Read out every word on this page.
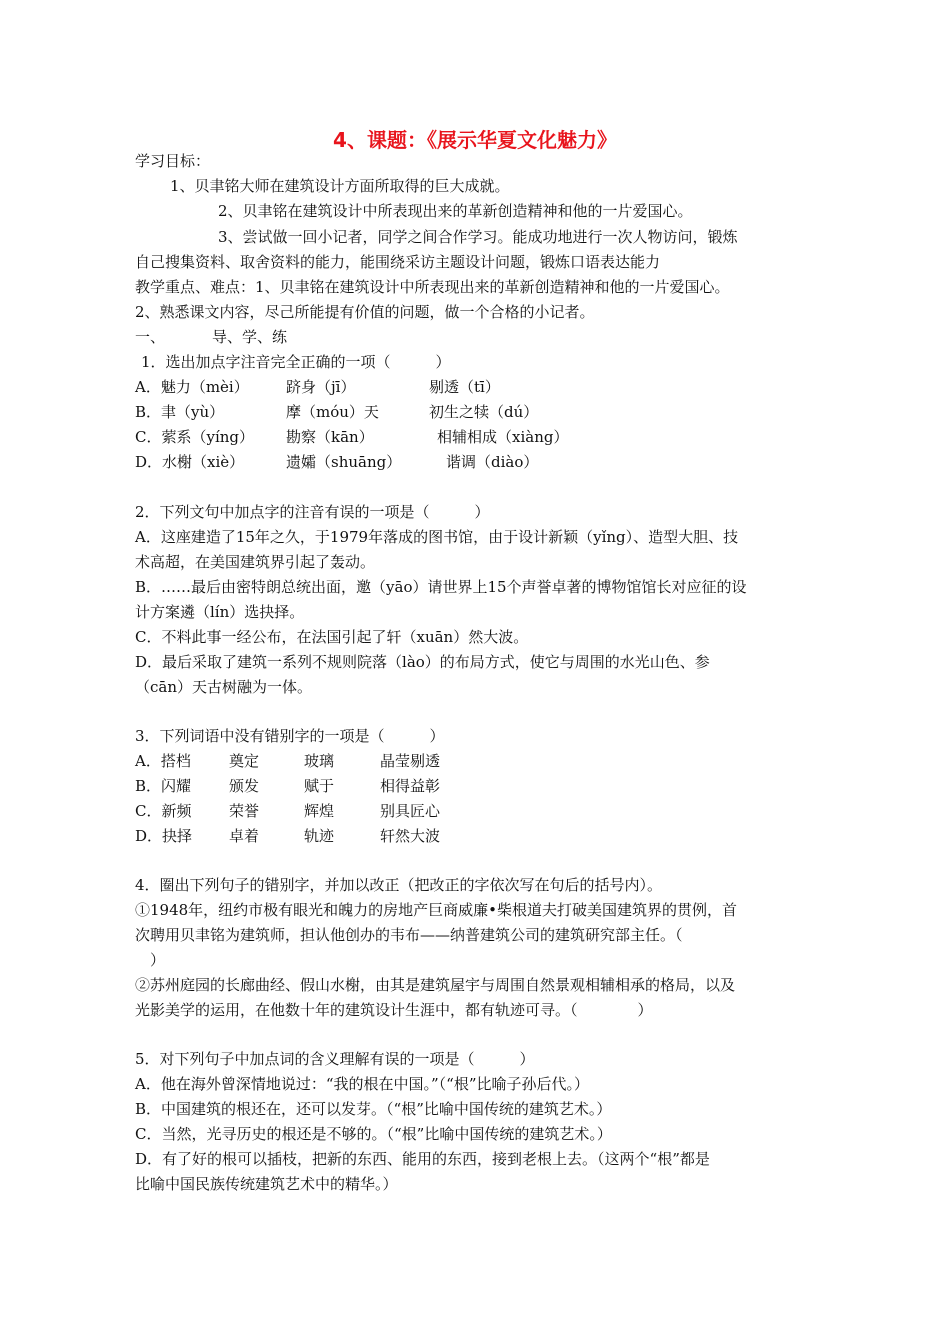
4、课题：《展示华夏文化魅力》
学习目标：
1、贝聿铭大师在建筑设计方面所取得的巨大成就。
2、贝聿铭在建筑设计中所表现出来的革新创造精神和他的一片爱国心。
3、尝试做一回小记者，同学之间合作学习。能成功地进行一次人物访问，锻炼
自己搜集资料、取舍资料的能力，能围绕采访主题设计问题，锻炼口语表达能力
教学重点、难点：1、贝聿铭在建筑设计中所表现出来的革新创造精神和他的一片爱国心。
2、熟悉课文内容，尽己所能提有价值的问题，做一个合格的小记者。
一、	导、学、练
1．选出加点字注音完全正确的一项（　　　）
A．魅力（mèi） 跻身（jī）	剔透（tī）
B．聿（yù）	摩（móu）天	初生之犊（dú）
C．萦系（yíng） 勘察（kān）	相辅相成（xiàng）
D．水榭（xiè）	遗孀（shuāng）	谐调（diào）
2．下列文句中加点字的注音有误的一项是（　　　）
A．这座建造了15年之久，于1979年落成的图书馆，由于设计新颖（yǐng）、造型大胆、技
术高超，在美国建筑界引起了轰动。
B．……最后由密特朗总统出面，邀（yāo）请世界上15个声誉卓著的博物馆馆长对应征的设
计方案遴（lín）选抉择。
C．不料此事一经公布，在法国引起了轩（xuān）然大波。
D．最后采取了建筑一系列不规则院落（lào）的布局方式，使它与周围的水光山色、参
（cān）天古树融为一体。
3．下列词语中没有错别字的一项是（　　　）
A．搭档	奠定	玻璃	晶莹剔透
B．闪耀	颁发	赋于	相得益彰
C．新频	荣誉	辉煌	别具匠心
D．抉择 卓着	轨迹	轩然大波
4．圈出下列句子的错别字，并加以改正（把改正的字依次写在句后的括号内）。
①1948年，纽约市极有眼光和魄力的房地产巨商威廉•柴根道夫打破美国建筑界的贯例，首
次聘用贝聿铭为建筑师，担认他创办的韦布——纳普建筑公司的建筑研究部主任。（
　）
②苏州庭园的长廊曲经、假山水榭，由其是建筑屋宇与周围自然景观相辅相承的格局，以及
光影美学的运用，在他数十年的建筑设计生涯中，都有轨迹可寻。（　　　　）
5．对下列句子中加点词的含义理解有误的一项是（　　　）
A．他在海外曾深情地说过：“我的根在中国。”（“根”比喻子孙后代。）
B．中国建筑的根还在，还可以发芽。（“根”比喻中国传统的建筑艺术。）
C．当然，光寻历史的根还是不够的。（“根”比喻中国传统的建筑艺术。）
D．有了好的根可以插枝，把新的东西、能用的东西，接到老根上去。（这两个“根”都是
比喻中国民族传统建筑艺术中的精华。）
